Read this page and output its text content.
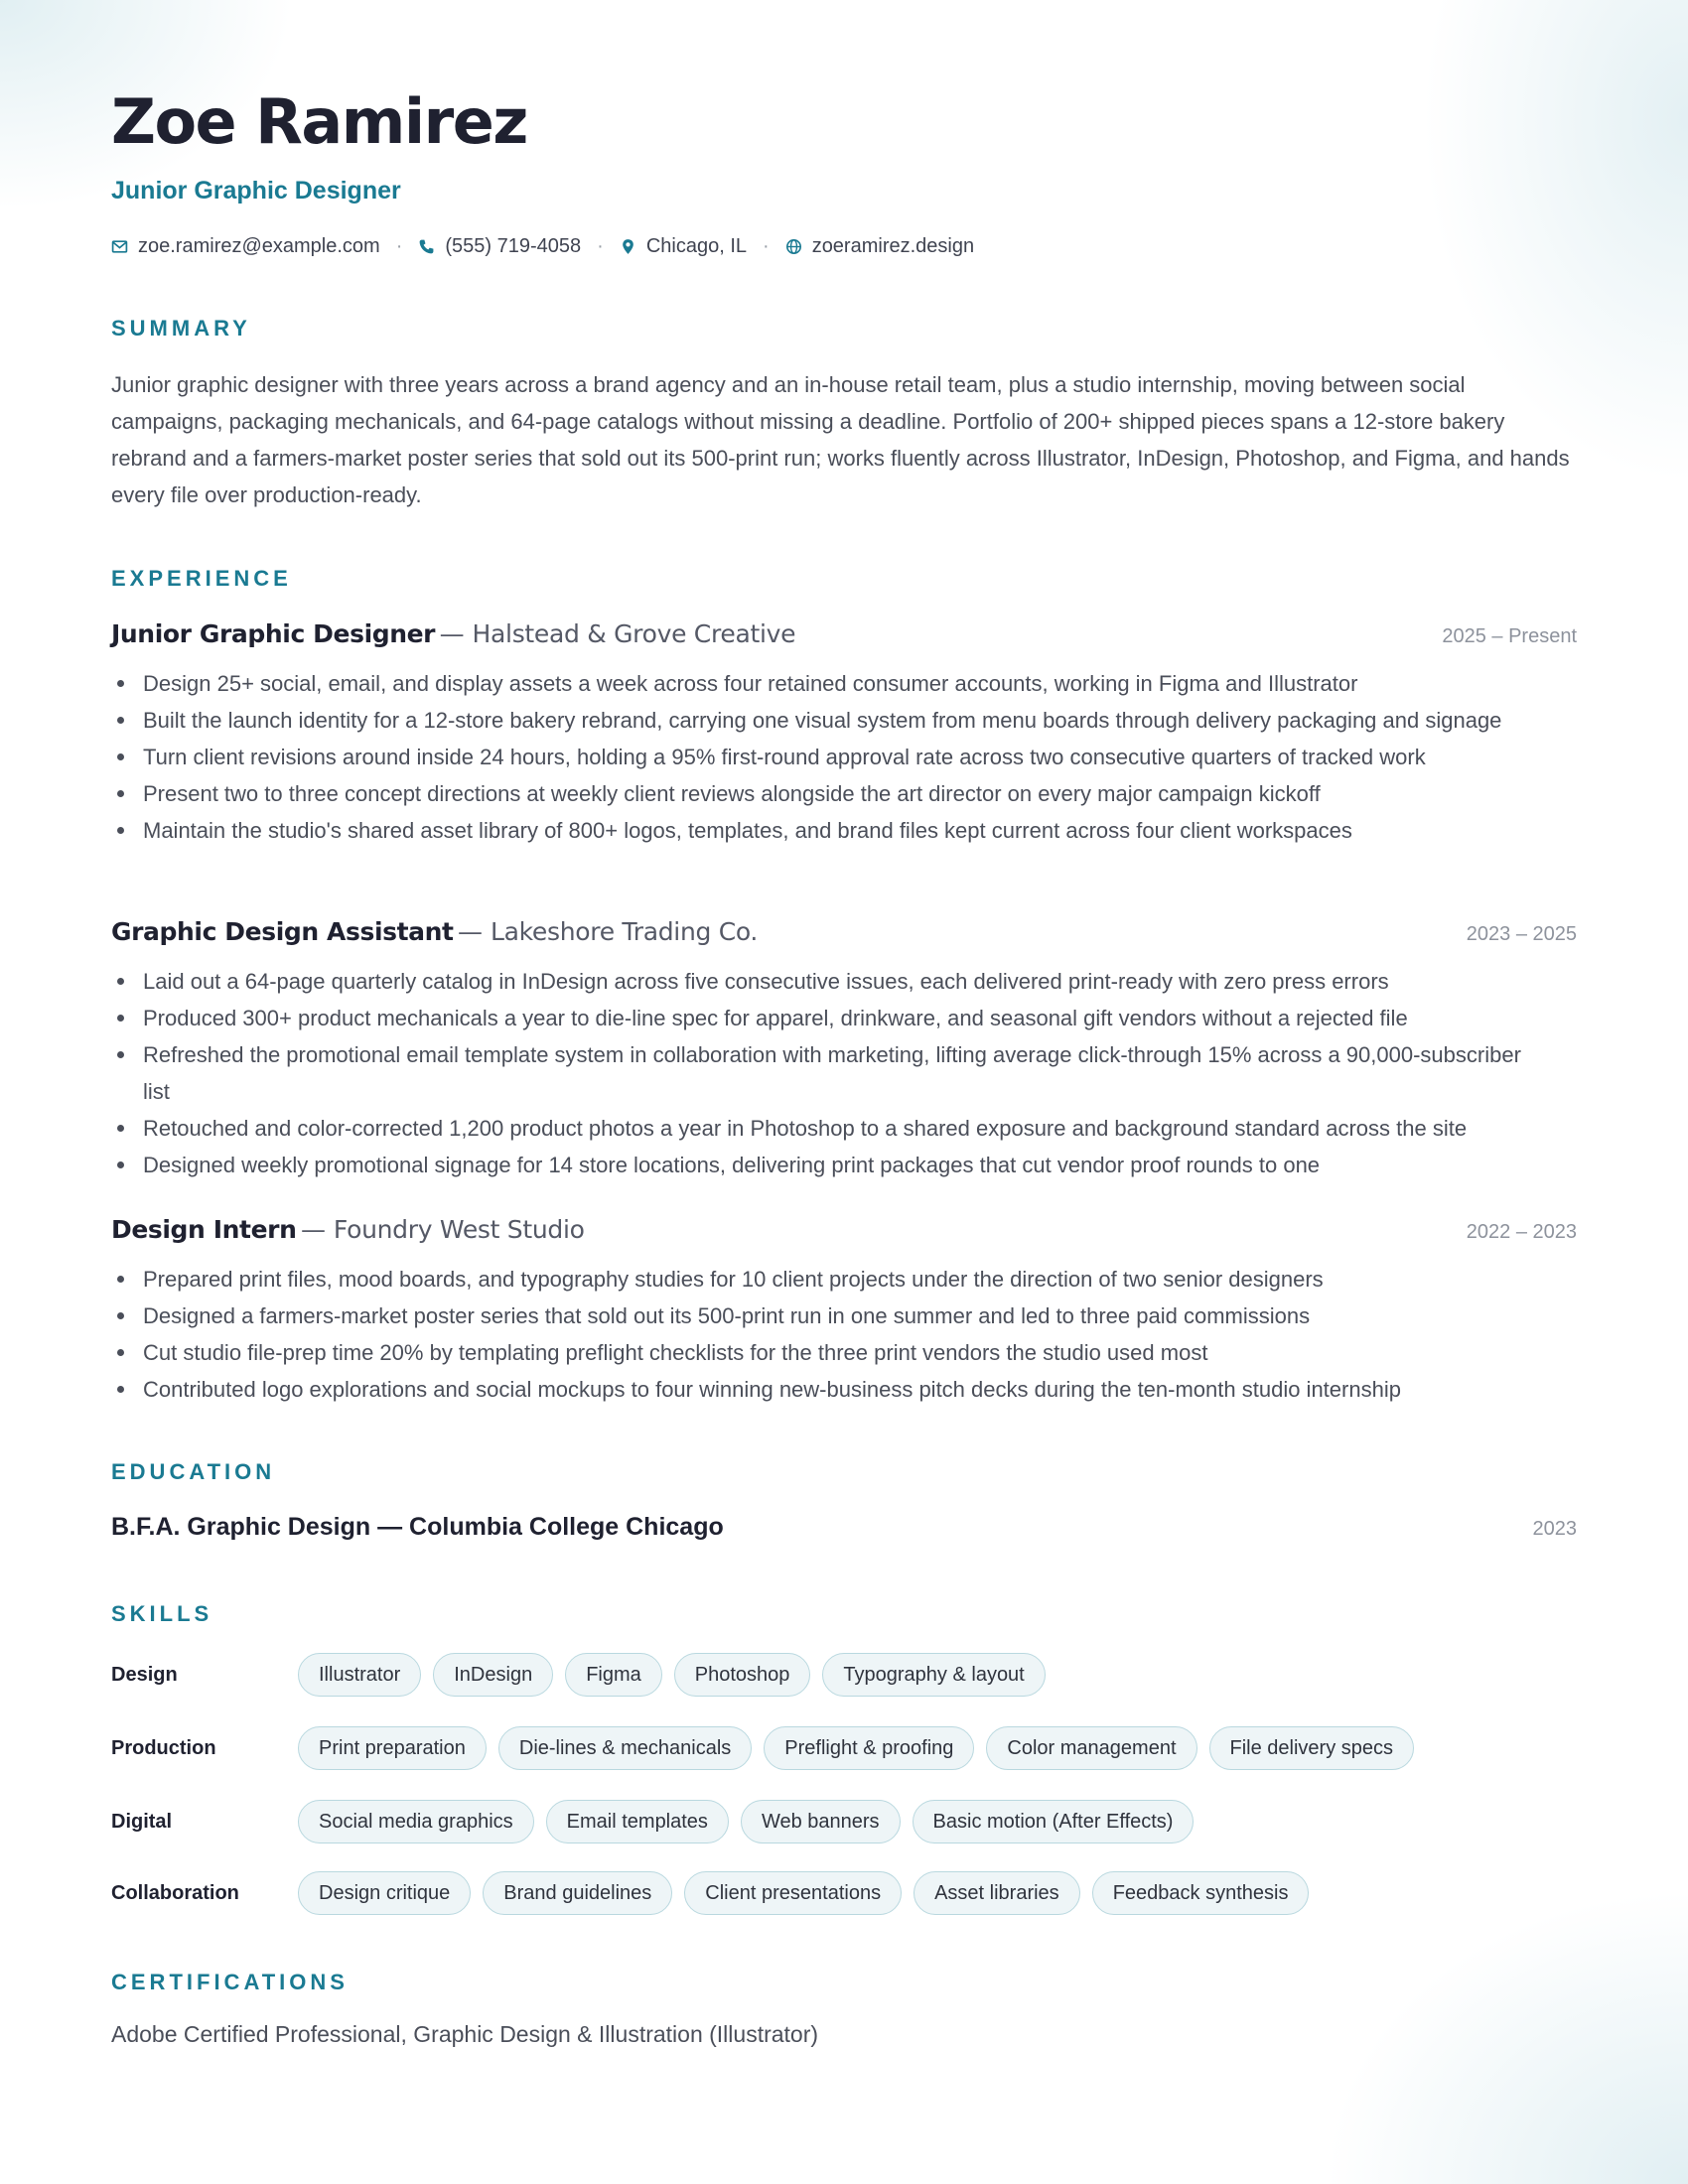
Zoe Ramirez
Junior Graphic Designer
zoe.ramirez@example.com · (555) 719-4058 · Chicago, IL · zoeramirez.design
SUMMARY

Junior graphic designer with three years across a brand agency and an in-house retail team, plus a studio internship, moving between social campaigns, packaging mechanicals, and 64-page catalogs without missing a deadline. Portfolio of 200+ shipped pieces spans a 12-store bakery rebrand and a farmers-market poster series that sold out its 500-print run; works fluently across Illustrator, InDesign, Photoshop, and Figma, and hands every file over production-ready.

EXPERIENCE
Junior Graphic Designer — Halstead & Grove Creative	2025 – Present
Design 25+ social, email, and display assets a week across four retained consumer accounts, working in Figma and Illustrator
Built the launch identity for a 12-store bakery rebrand, carrying one visual system from menu boards through delivery packaging and signage
Turn client revisions around inside 24 hours, holding a 95% first-round approval rate across two consecutive quarters of tracked work
Present two to three concept directions at weekly client reviews alongside the art director on every major campaign kickoff
Maintain the studio's shared asset library of 800+ logos, templates, and brand files kept current across four client workspaces
Graphic Design Assistant — Lakeshore Trading Co.	2023 – 2025
Laid out a 64-page quarterly catalog in InDesign across five consecutive issues, each delivered print-ready with zero press errors
Produced 300+ product mechanicals a year to die-line spec for apparel, drinkware, and seasonal gift vendors without a rejected file
Refreshed the promotional email template system in collaboration with marketing, lifting average click-through 15% across a 90,000-subscriber list
Retouched and color-corrected 1,200 product photos a year in Photoshop to a shared exposure and background standard across the site
Designed weekly promotional signage for 14 store locations, delivering print packages that cut vendor proof rounds to one
Design Intern — Foundry West Studio	2022 – 2023
Prepared print files, mood boards, and typography studies for 10 client projects under the direction of two senior designers
Designed a farmers-market poster series that sold out its 500-print run in one summer and led to three paid commissions
Cut studio file-prep time 20% by templating preflight checklists for the three print vendors the studio used most
Contributed logo explorations and social mockups to four winning new-business pitch decks during the ten-month studio internship
EDUCATION
B.F.A. Graphic Design — Columbia College Chicago	2023
SKILLS
Design	Illustrator	InDesign	Figma	Photoshop	Typography & layout
Production	Print preparation	Die-lines & mechanicals	Preflight & proofing	Color management	File delivery specs
Digital	Social media graphics	Email templates	Web banners	Basic motion (After Effects)
Collaboration	Design critique	Brand guidelines	Client presentations	Asset libraries	Feedback synthesis
CERTIFICATIONS

Adobe Certified Professional, Graphic Design & Illustration (Illustrator)
